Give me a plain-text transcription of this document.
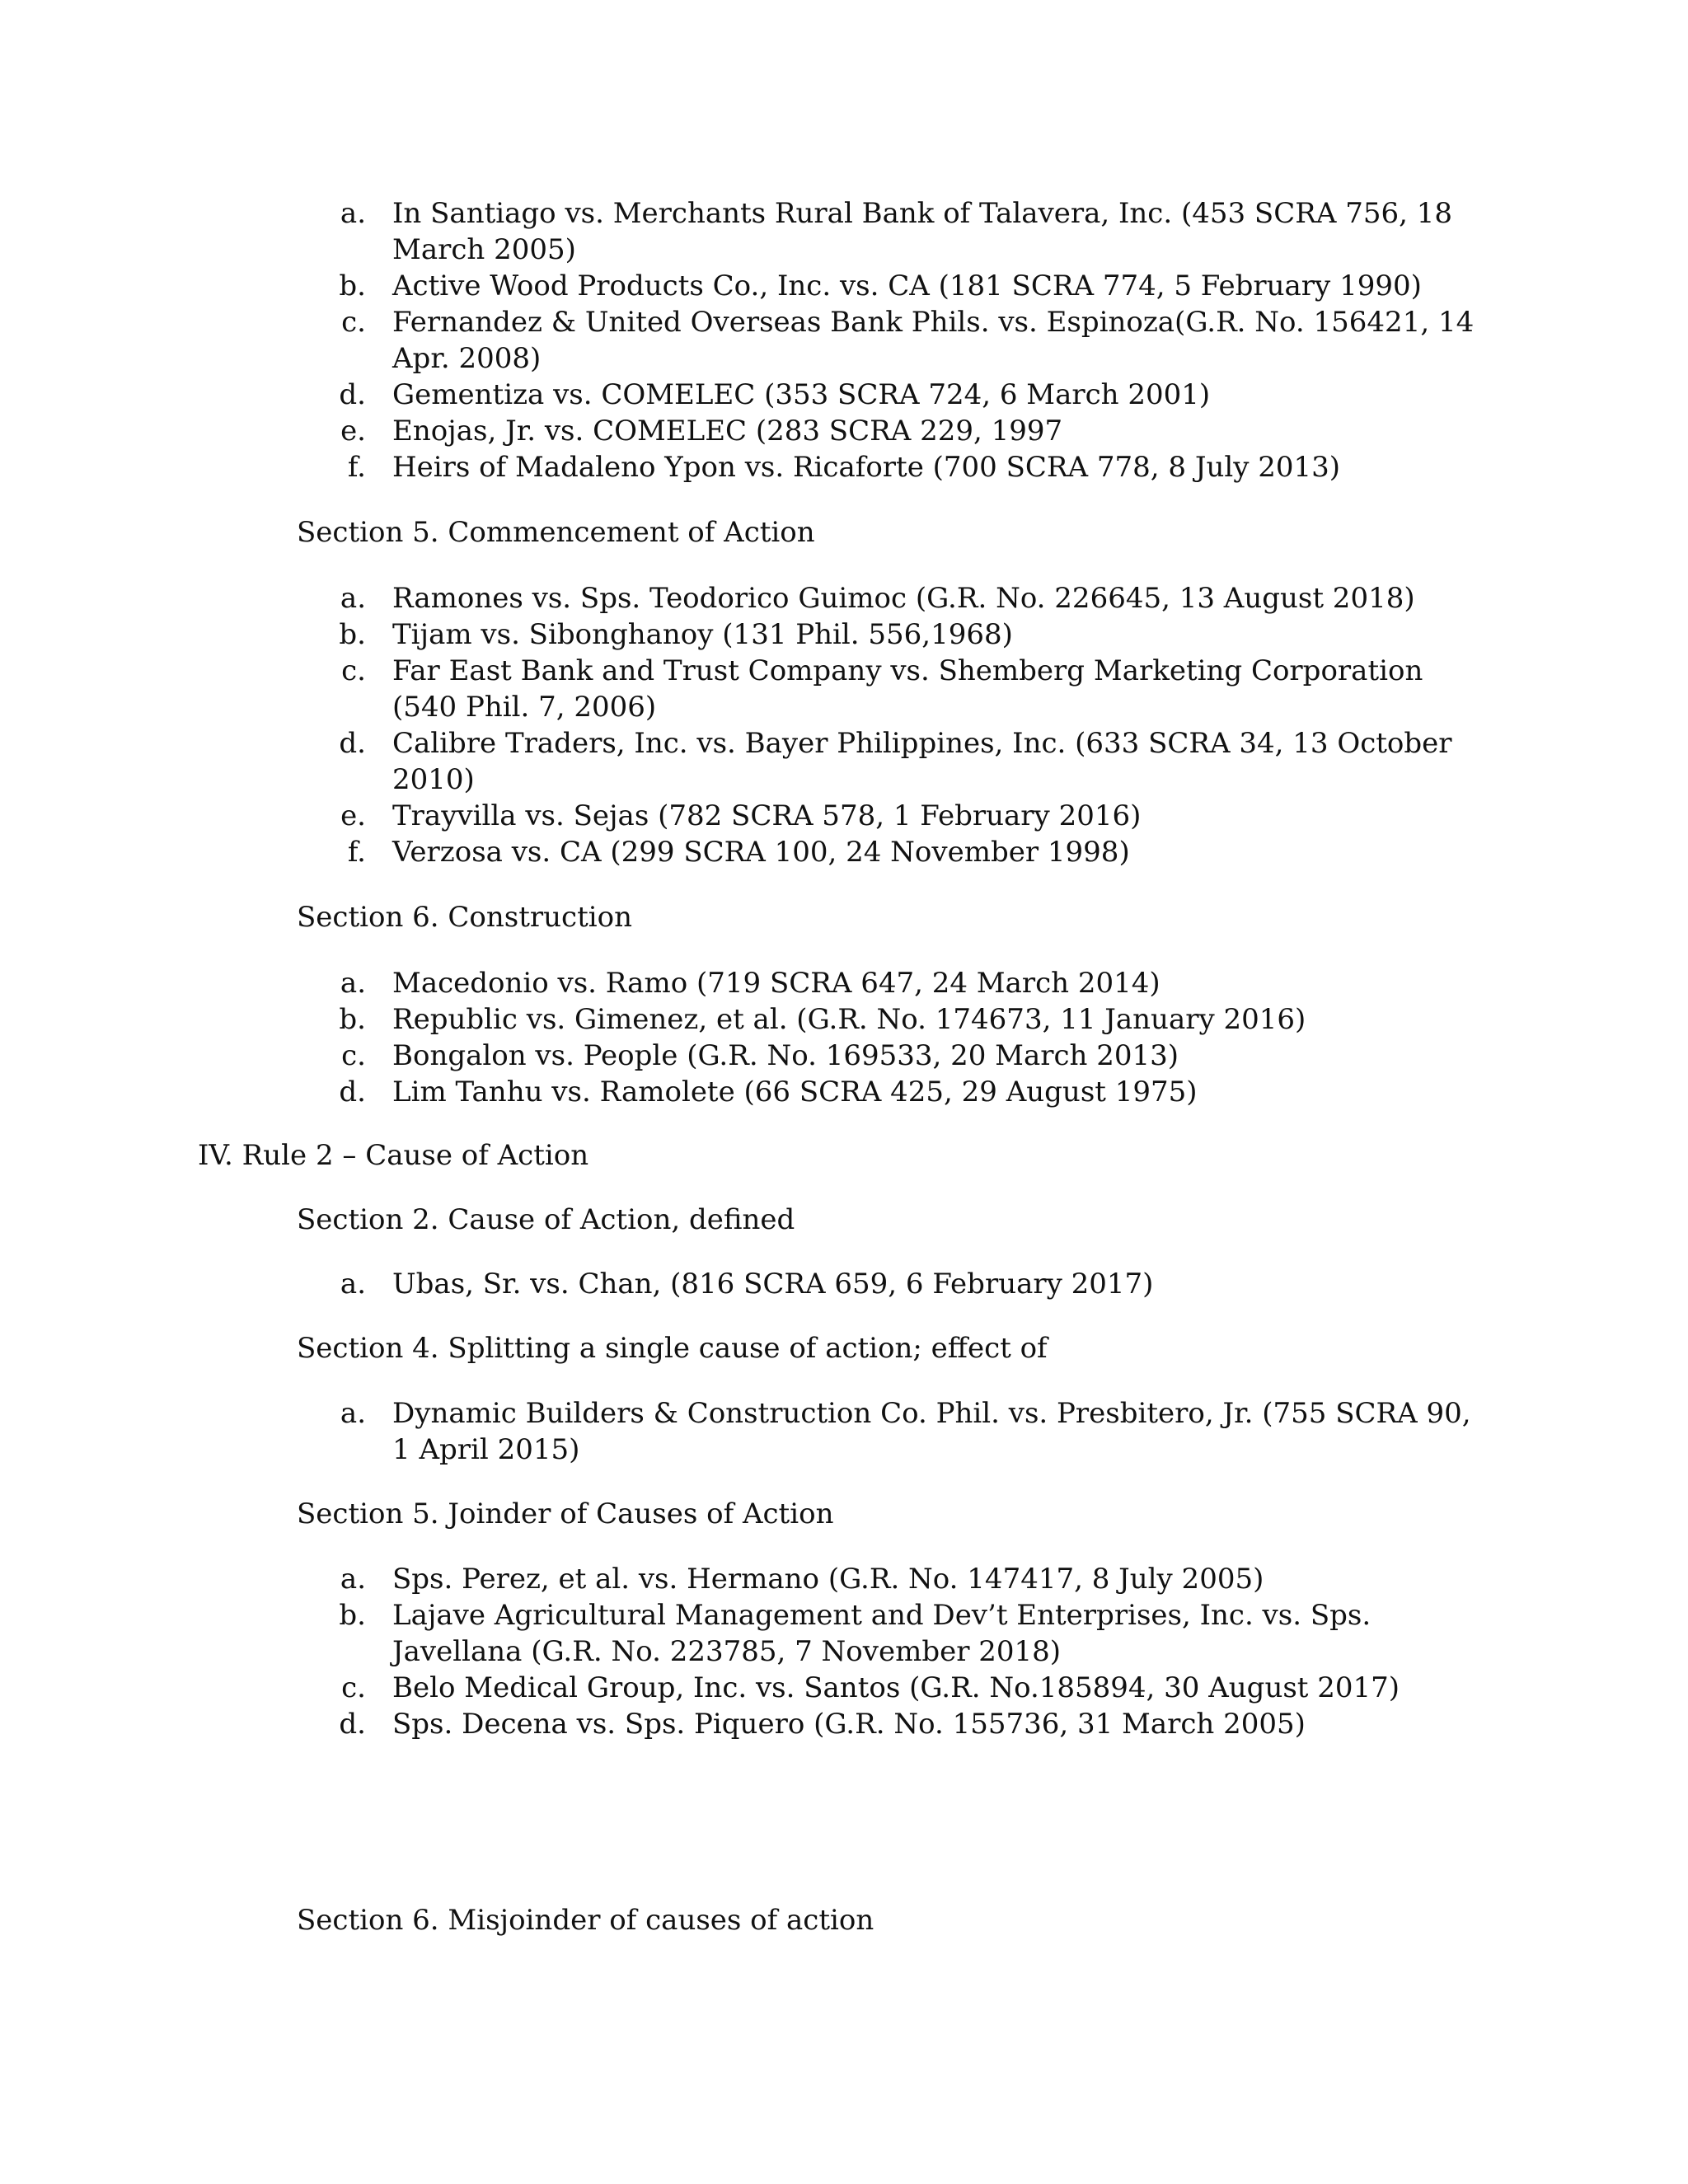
a. In Santiago vs. Merchants Rural Bank of Talavera, Inc. (453 SCRA 756, 18 March 2005)
b. Active Wood Products Co., Inc. vs. CA (181 SCRA 774, 5 February 1990)
c. Fernandez & United Overseas Bank Phils. vs. Espinoza(G.R. No. 156421, 14 Apr. 2008)
d. Gementiza vs. COMELEC (353 SCRA 724, 6 March 2001)
e. Enojas, Jr. vs. COMELEC (283 SCRA 229, 1997
f. Heirs of Madaleno Ypon vs. Ricaforte (700 SCRA 778, 8 July 2013)

Section 5. Commencement of Action

a. Ramones vs. Sps. Teodorico Guimoc (G.R. No. 226645, 13 August 2018)
b. Tijam vs. Sibonghanoy (131 Phil. 556,1968)
c. Far East Bank and Trust Company vs. Shemberg Marketing Corporation (540 Phil. 7, 2006)
d. Calibre Traders, Inc. vs. Bayer Philippines, Inc. (633 SCRA 34, 13 October 2010)
e. Trayvilla vs. Sejas (782 SCRA 578, 1 February 2016)
f. Verzosa vs. CA (299 SCRA 100, 24 November 1998)

Section 6. Construction

a. Macedonio vs. Ramo (719 SCRA 647, 24 March 2014)
b. Republic vs. Gimenez, et al. (G.R. No. 174673, 11 January 2016)
c. Bongalon vs. People (G.R. No. 169533, 20 March 2013)
d. Lim Tanhu vs. Ramolete (66 SCRA 425, 29 August 1975)

IV. Rule 2 – Cause of Action

Section 2. Cause of Action, defined

a. Ubas, Sr. vs. Chan, (816 SCRA 659, 6 February 2017)

Section 4. Splitting a single cause of action; effect of

a. Dynamic Builders & Construction Co. Phil. vs. Presbitero, Jr. (755 SCRA 90, 1 April 2015)

Section 5. Joinder of Causes of Action

a. Sps. Perez, et al. vs. Hermano (G.R. No. 147417, 8 July 2005)
b. Lajave Agricultural Management and Dev’t Enterprises, Inc. vs. Sps. Javellana (G.R. No. 223785, 7 November 2018)
c. Belo Medical Group, Inc. vs. Santos (G.R. No.185894, 30 August 2017)
d. Sps. Decena vs. Sps. Piquero (G.R. No. 155736, 31 March 2005)

Section 6. Misjoinder of causes of action
